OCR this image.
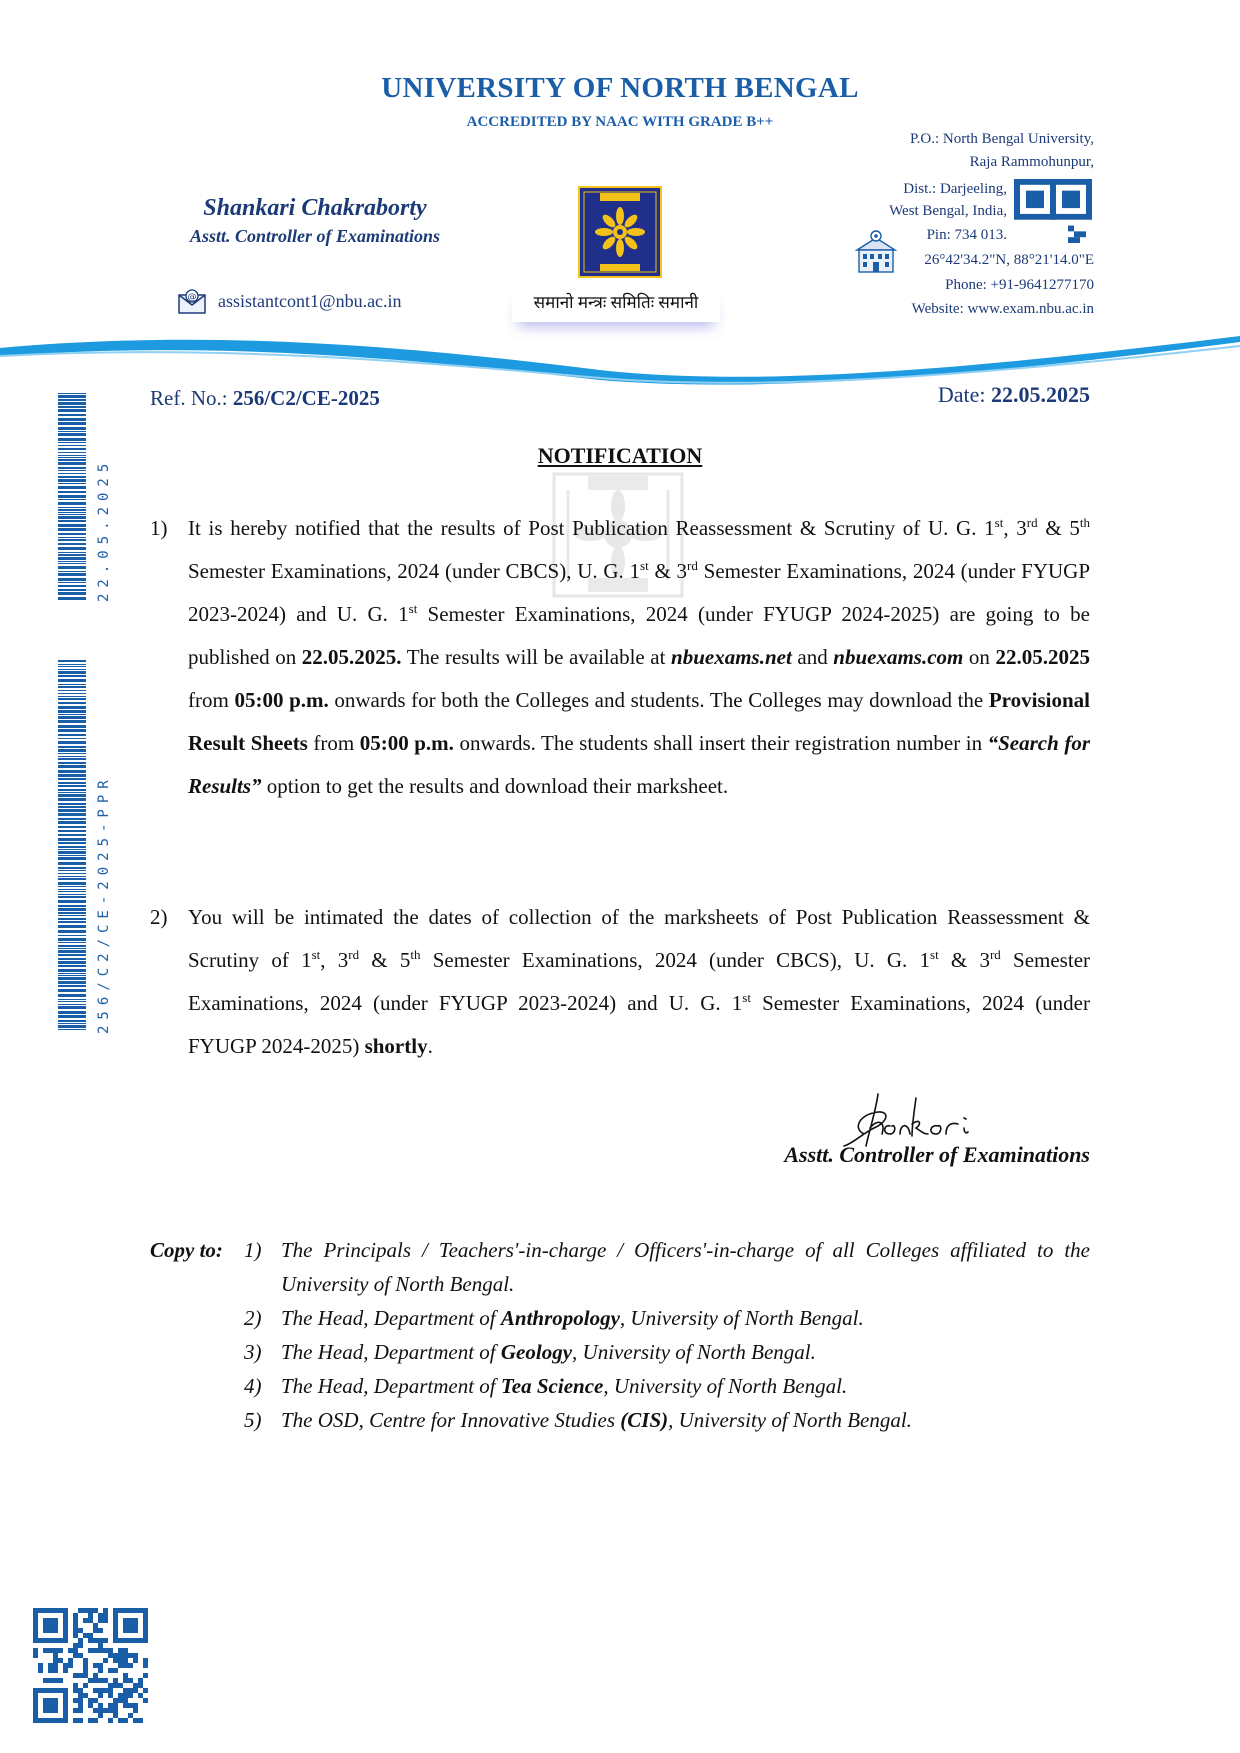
UNIVERSITY OF NORTH BENGAL
ACCREDITED BY NAAC WITH GRADE B++
Shankari Chakraborty
Asstt. Controller of Examinations
@ assistantcont1@nbu.ac.in	समानो मन्त्रः समितिः समानी
P.O.: North Bengal University,
Raja Rammohunpur,
Dist.: Darjeeling,
West Bengal, India,
Pin: 734 013.
26°42'34.2"N, 88°21'14.0"E
Phone: +91-9641277170
Website: www.exam.nbu.ac.in
22.05.2025
256/C2/CE-2025-PPR
Ref. No.: 256/C2/CE-2025	Date: 22.05.2025
NOTIFICATION
1) It is hereby notified that the results of Post Publication Reassessment & Scrutiny of U. G. 1st, 3rd & 5th Semester Examinations, 2024 (under CBCS), U. G. 1st & 3rd Semester Examinations, 2024 (under FYUGP 2023-2024) and U. G. 1st Semester Examinations, 2024 (under FYUGP 2024-2025) are going to be published on 22.05.2025. The results will be available at nbuexams.net and nbuexams.com on 22.05.2025 from 05:00 p.m. onwards for both the Colleges and students. The Colleges may download the Provisional Result Sheets from 05:00 p.m. onwards. The students shall insert their registration number in “Search for Results” option to get the results and download their marksheet.
2) You will be intimated the dates of collection of the marksheets of Post Publication Reassessment & Scrutiny of 1st, 3rd & 5th Semester Examinations, 2024 (under CBCS), U. G. 1st & 3rd Semester Examinations, 2024 (under FYUGP 2023-2024) and U. G. 1st Semester Examinations, 2024 (under FYUGP 2024-2025) shortly.
Asstt. Controller of Examinations
Copy to: 1) The Principals / Teachers'-in-charge / Officers'-in-charge of all Colleges affiliated to the University of North Bengal.
2) The Head, Department of Anthropology, University of North Bengal.
3) The Head, Department of Geology, University of North Bengal.
4) The Head, Department of Tea Science, University of North Bengal.
5) The OSD, Centre for Innovative Studies (CIS), University of North Bengal.
